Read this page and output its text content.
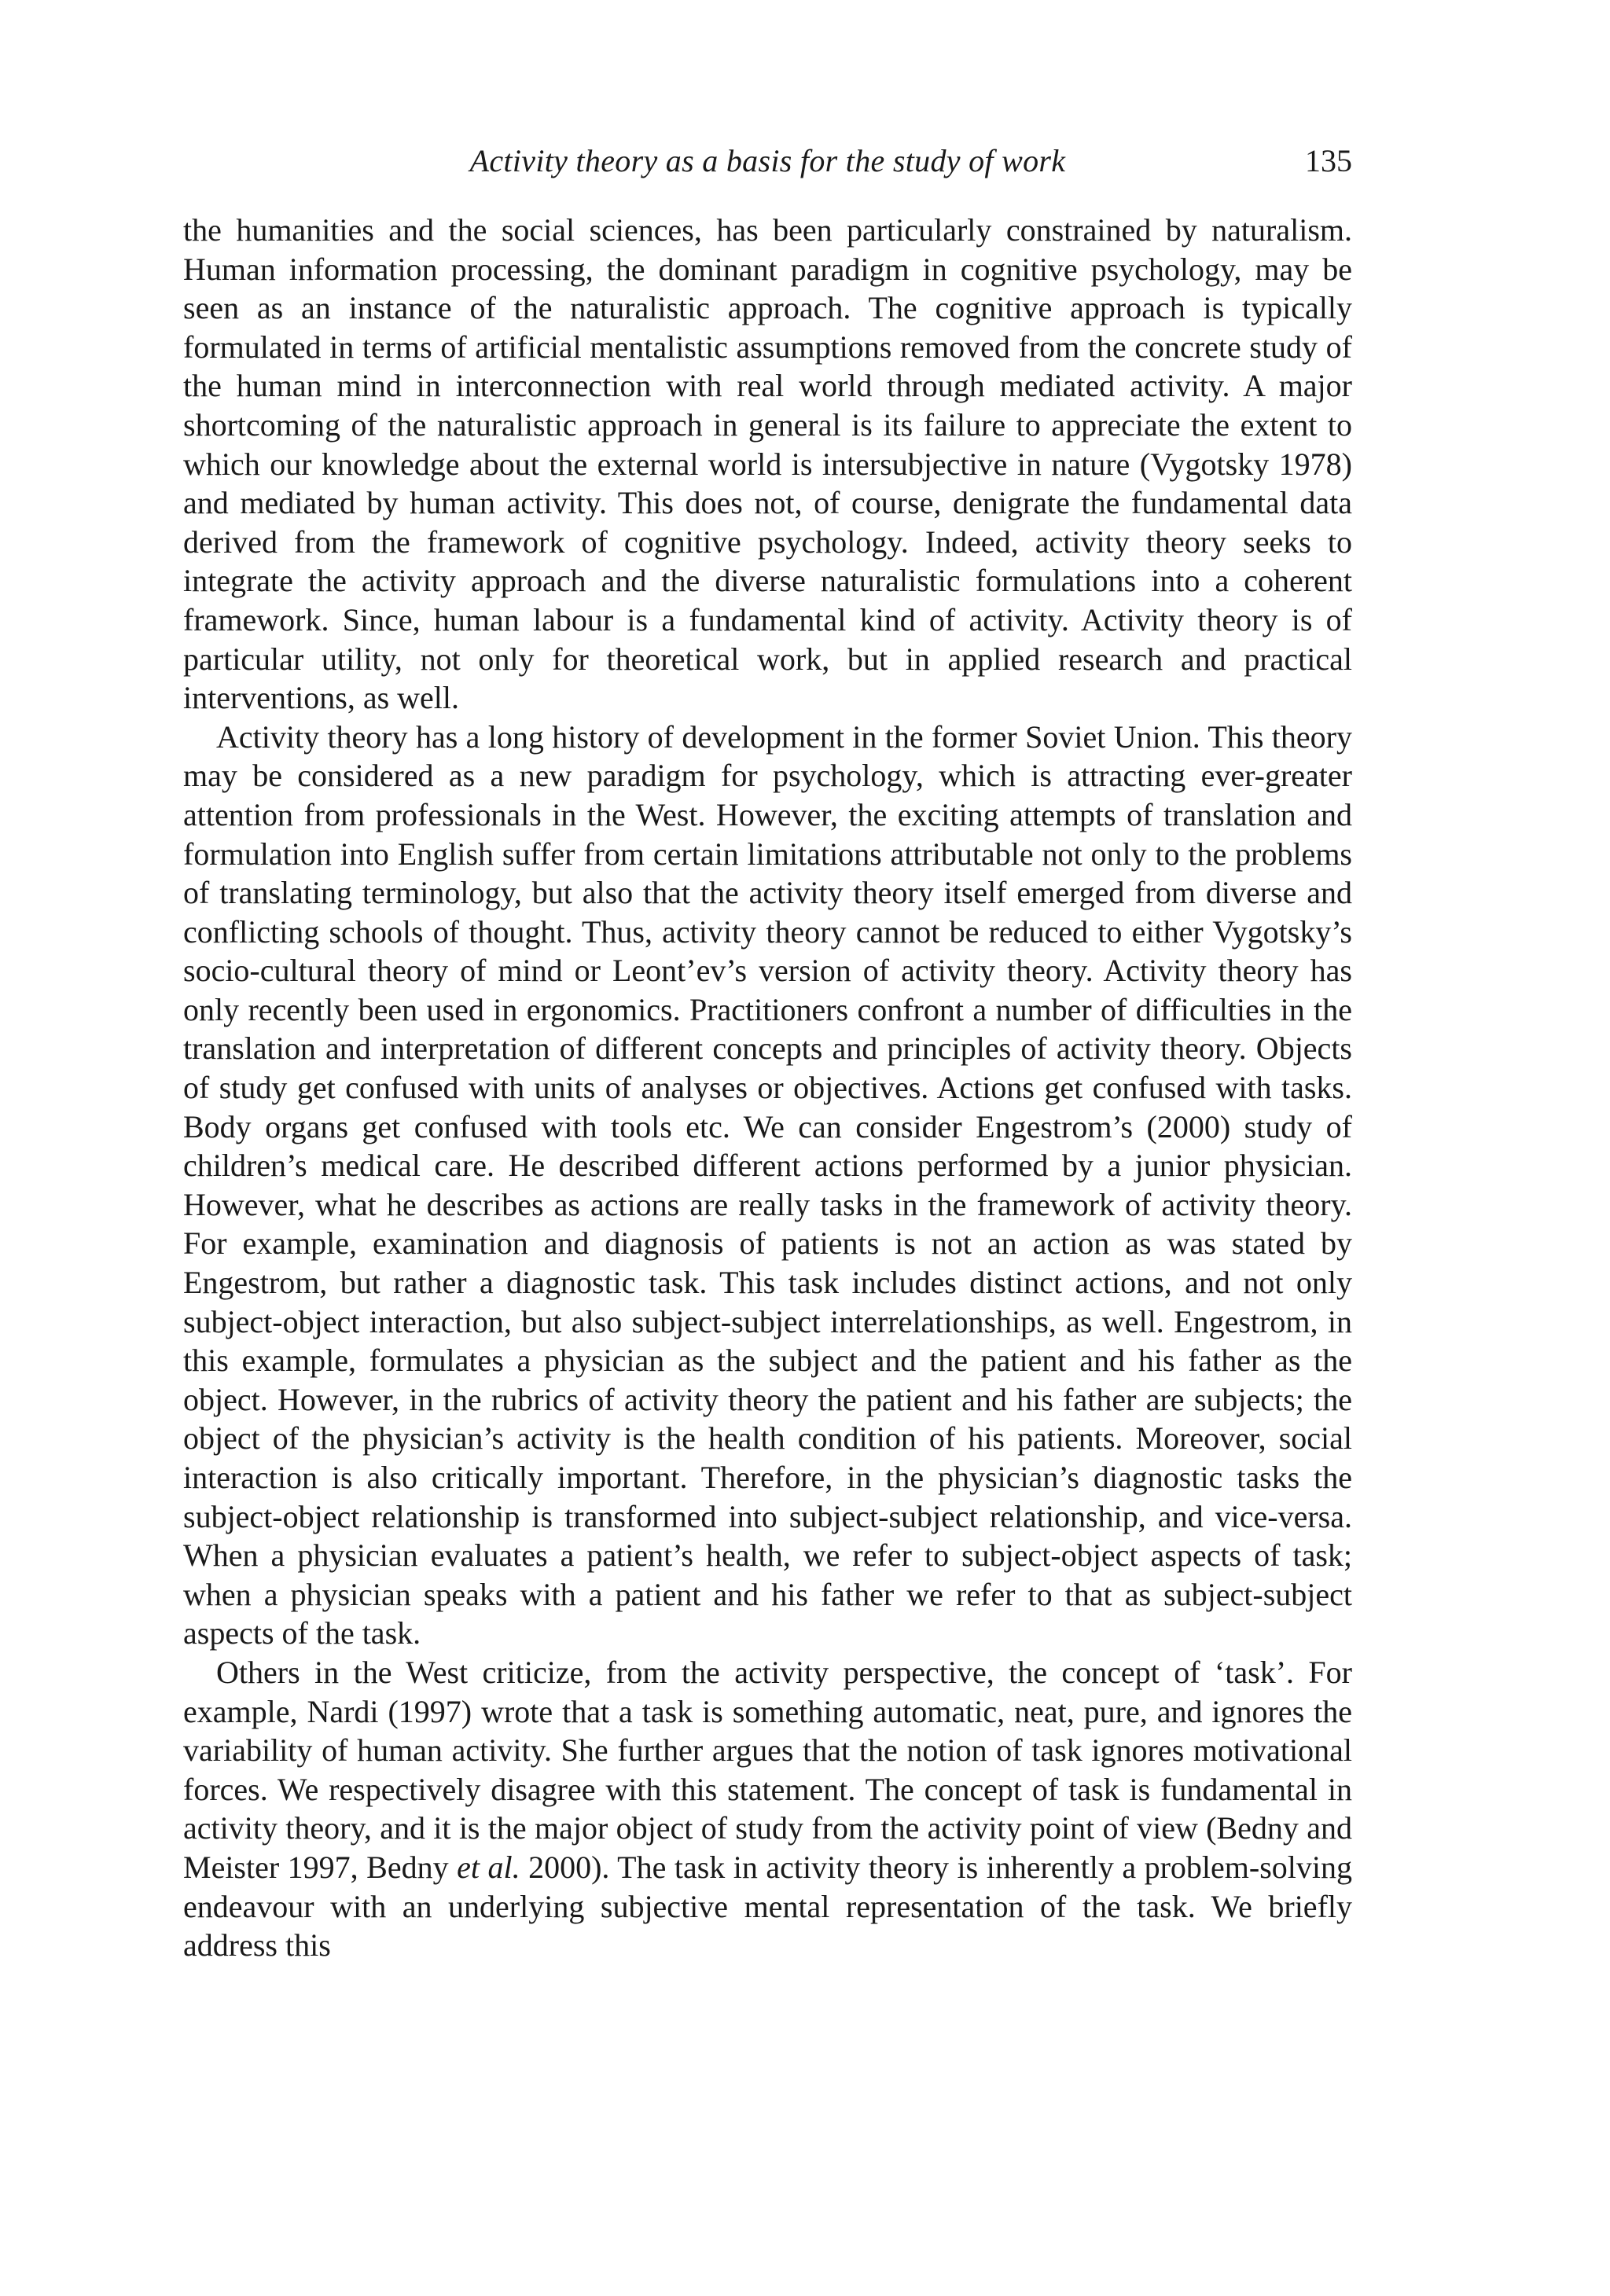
Activity theory as a basis for the study of work	135

the humanities and the social sciences, has been particularly constrained by naturalism. Human information processing, the dominant paradigm in cognitive psychology, may be seen as an instance of the naturalistic approach. The cognitive approach is typically formulated in terms of artificial mentalistic assumptions removed from the concrete study of the human mind in interconnection with real world through mediated activity. A major shortcoming of the naturalistic approach in general is its failure to appreciate the extent to which our knowledge about the external world is intersubjective in nature (Vygotsky 1978) and mediated by human activity. This does not, of course, denigrate the fundamental data derived from the framework of cognitive psychology. Indeed, activity theory seeks to integrate the activity approach and the diverse naturalistic formulations into a coherent framework. Since, human labour is a fundamental kind of activity. Activity theory is of particular utility, not only for theoretical work, but in applied research and practical interventions, as well.

Activity theory has a long history of development in the former Soviet Union. This theory may be considered as a new paradigm for psychology, which is attracting ever-greater attention from professionals in the West. However, the exciting attempts of translation and formulation into English suffer from certain limitations attributable not only to the problems of translating terminology, but also that the activity theory itself emerged from diverse and conflicting schools of thought. Thus, activity theory cannot be reduced to either Vygotsky’s socio-cultural theory of mind or Leont’ev’s version of activity theory. Activity theory has only recently been used in ergonomics. Practitioners confront a number of difficulties in the translation and interpretation of different concepts and principles of activity theory. Objects of study get confused with units of analyses or objectives. Actions get confused with tasks. Body organs get confused with tools etc. We can consider Engestrom’s (2000) study of children’s medical care. He described different actions performed by a junior physician. However, what he describes as actions are really tasks in the framework of activity theory. For example, examination and diagnosis of patients is not an action as was stated by Engestrom, but rather a diagnostic task. This task includes distinct actions, and not only subject-object interaction, but also subject-subject interrelationships, as well. Engestrom, in this example, formulates a physician as the subject and the patient and his father as the object. However, in the rubrics of activity theory the patient and his father are subjects; the object of the physician’s activity is the health condition of his patients. Moreover, social interaction is also critically important. Therefore, in the physician’s diagnostic tasks the subject-object relationship is transformed into subject-subject relationship, and vice-versa. When a physician evaluates a patient’s health, we refer to subject-object aspects of task; when a physician speaks with a patient and his father we refer to that as subject-subject aspects of the task.

Others in the West criticize, from the activity perspective, the concept of ‘task’. For example, Nardi (1997) wrote that a task is something automatic, neat, pure, and ignores the variability of human activity. She further argues that the notion of task ignores motivational forces. We respectively disagree with this statement. The concept of task is fundamental in activity theory, and it is the major object of study from the activity point of view (Bedny and Meister 1997, Bedny et al. 2000). The task in activity theory is inherently a problem-solving endeavour with an underlying subjective mental representation of the task. We briefly address this
